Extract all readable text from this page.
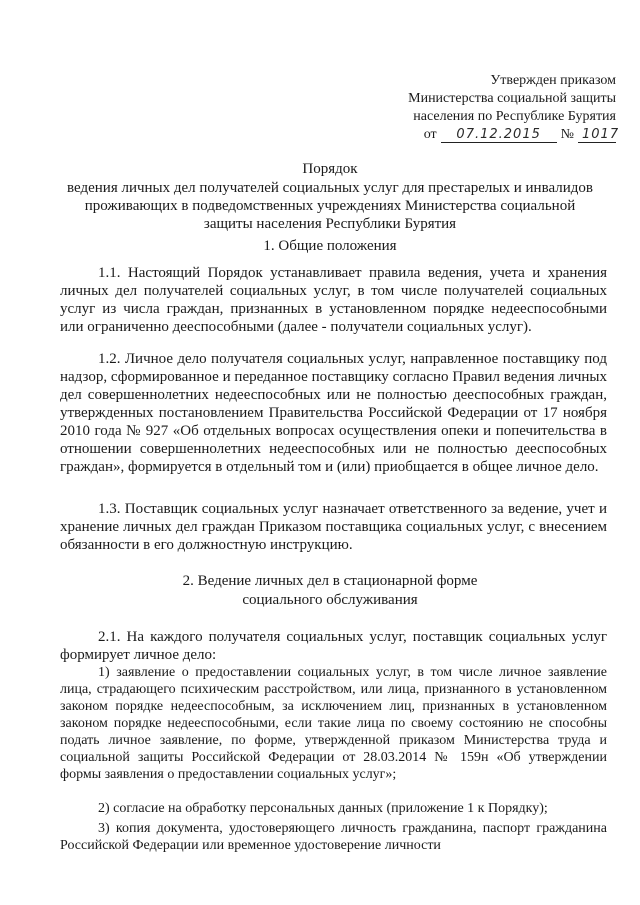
Утвержден приказом
Министерства социальной защиты
населения по Республике Бурятия
от	07.12.2015	№ 1017
Порядок
ведения личных дел получателей социальных услуг для престарелых и инвалидов
проживающих в подведомственных учреждениях Министерства социальной
защиты населения Республики Бурятия
1. Общие положения

1.1. Настоящий Порядок устанавливает правила ведения, учета и хранения личных дел получателей социальных услуг, в том числе получателей социальных услуг из числа граждан, признанных в установленном порядке недееспособными или ограниченно дееспособными (далее - получатели социальных услуг).

1.2. Личное дело получателя социальных услуг, направленное поставщику под надзор, сформированное и переданное поставщику согласно Правил ведения личных дел совершеннолетних недееспособных или не полностью дееспособных граждан, утвержденных постановлением Правительства Российской Федерации от 17 ноября 2010 года № 927 «Об отдельных вопросах осуществления опеки и попечительства в отношении совершеннолетних недееспособных или не полностью дееспособных граждан», формируется в отдельный том и (или) приобщается в общее личное дело.

1.3. Поставщик социальных услуг назначает ответственного за ведение, учет и хранение личных дел граждан Приказом поставщика социальных услуг, с внесением обязанности в его должностную инструкцию.

2. Ведение личных дел в стационарной форме
социального обслуживания

2.1. На каждого получателя социальных услуг, поставщик социальных услуг формирует личное дело:

1) заявление о предоставлении социальных услуг, в том числе личное заявление лица, страдающего психическим расстройством, или лица, признанного в установленном законом порядке недееспособным, за исключением лиц, признанных в установленном законом порядке недееспособными, если такие лица по своему состоянию не способны подать личное заявление, по форме, утвержденной приказом Министерства труда и социальной защиты Российской Федерации от 28.03.2014 № 159н «Об утверждении формы заявления о предоставлении социальных услуг»;

2) согласие на обработку персональных данных (приложение 1 к Порядку);

3) копия документа, удостоверяющего личность гражданина, паспорт гражданина Российской Федерации или временное удостоверение личности
